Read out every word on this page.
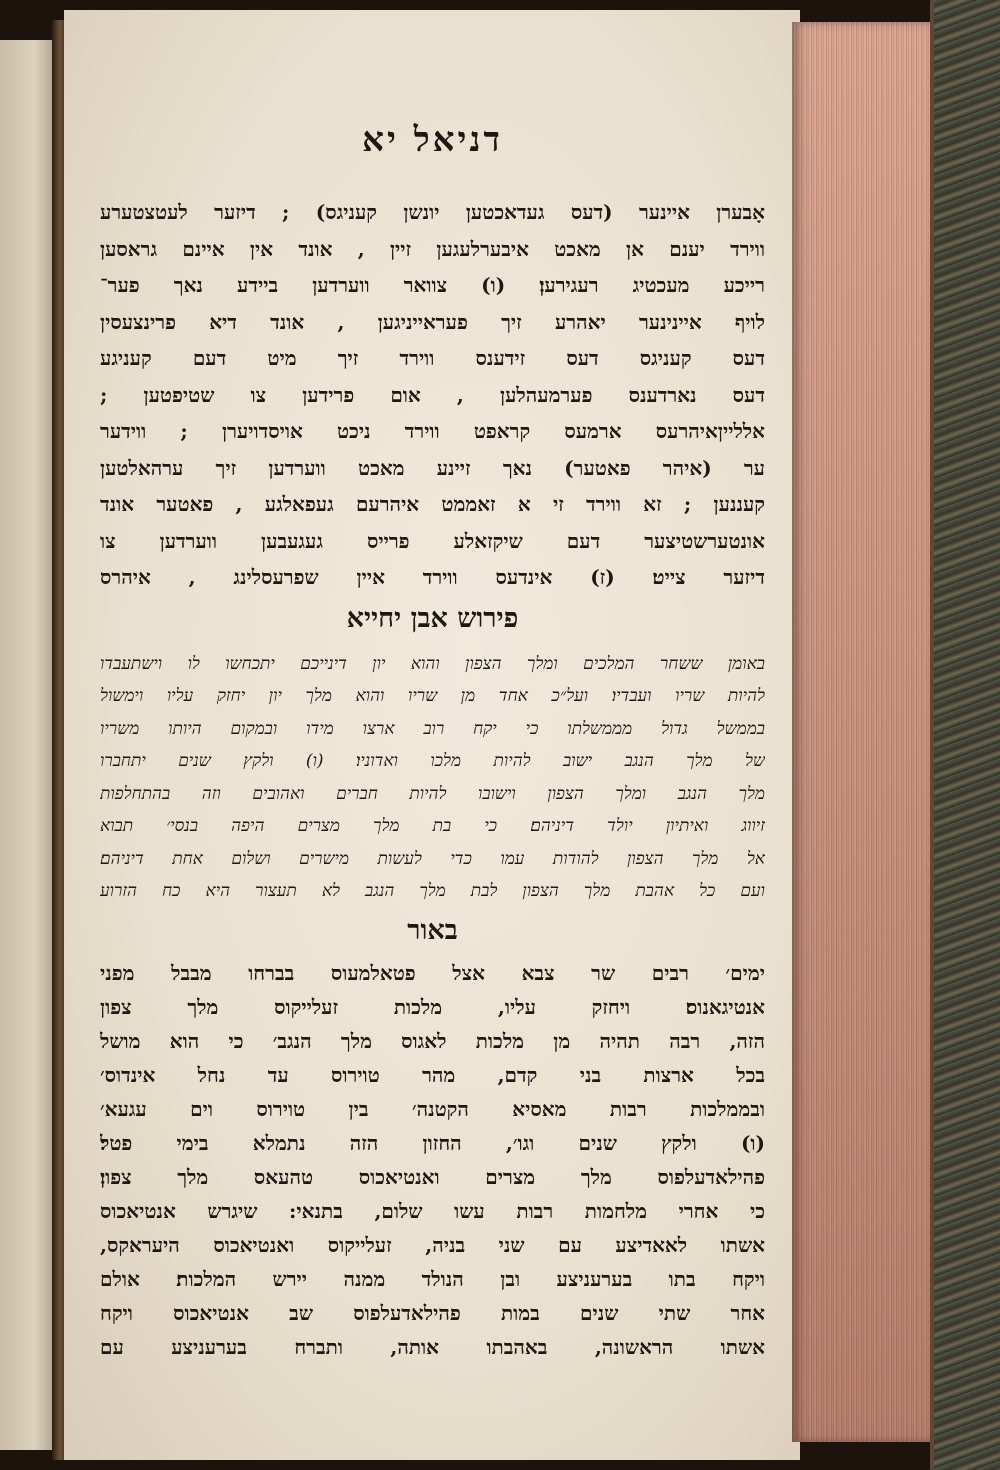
דניאל יא
אָבערן איינער (דעס געדאכטען יונשן קעניגס) ; דיזער לעטצטערע
ווירד יענם אן מאכט איבערלעגען זיין , אונד אין איינם גראסען
רייכע מעכטיג רעגירען׃ (ו) צוואר ווערדען ביידע נאך פער־
לויף איינינער יאהרע זיך פעראייניגען , אונד דיא פרינצעסין
דעס קעניגס דעס זידענס ווירד זיך מיט דעם קעניגע
דעס נארדענס פערמעהלען , אום פרידען צו שטיפטען ;
אללייןאיהרעס ארמעס קראפט ווירד ניכט אויסדויערן ; ווידער
ער (איהר פאטער) נאך זיינע מאכט ווערדען זיך ערהאלטען
קעננען ; זא ווירד זי א זאממט איהרעם געפאלגע , פאטער אונד
אונטערשטיצער דעם שיקזאלע פרייס געגעבען ווערדען צו
דיזער צייט׃ (ז) אינדעס ווירד איין שפרעסלינג , איהרס
פירוש אבן יחייא
באומן ששחר המלכים ומלך הצפון והוא יון דינייכם יתכחשו לו וישתעבדו
להיות שריו ועבדיו׃ ועל״כ אחד מן שריו והוא מלך יון יחזק עליו וימשול
בממשל גדול מממשלתו כי יקח רוב ארצו מידו ובמקום היותו משריו
של מלך הנגב ישוב להיות מלכו ואדוניו׃ (ו) ולקץ שנים יתחברו
מלך הנגב ומלך הצפון וישובו להיות חברים ואהובים וזה בהתחלפות
זיווג ואיתיון יולד דיניהם׃ כי בת מלך מצרים היפה בנסי׳ תבוא
אל מלך הצפון להודות עמו כדי לעשות מישרים ושלום אחת דיניהם׃
ועם כל אהבת מלך הצפון לבת מלך הנגב לא תעצור היא כח הזרוע
באור
ימים׳ רבים שר צבא אצל פטאלמעוס בברחו מבבל מפני
אנטיגאנוס׃ ויחזק עליו, מלכות זעלייקוס מלך צפון
הזה, רבה תהיה מן מלכות לאגוס מלך הנגב׳ כי הוא מושל
בכל ארצות בני קדם, מהר טוירוס עד נחל אינדוס׳
ובממלכות רבות מאסיא הקטנה׳ בין טוירוס וים עגעא׳
(ו) ולקץ שנים וגו׳, החזון הזה נתמלא בימי פטל׃
פהילאדעלפוס מלך מצרים ואנטיאכוס טהעאס מלך צפון׃
כי אחרי מלחמות רבות עשו שלום, בתנאי: שיגרש אנטיאכוס
אשתו לאאדיצע עם שני בניה, זעלייקוס ואנטיאכוס היעראקס,
ויקח בתו בערעניצע ובן הנולד ממנה יירש המלכות׃ אולם
אחר שתי שנים במות פהילאדעלפוס שב אנטיאכוס ויקח
אשתו הראשונה, באהבתו אותה, ותברח בערעניצע עם
